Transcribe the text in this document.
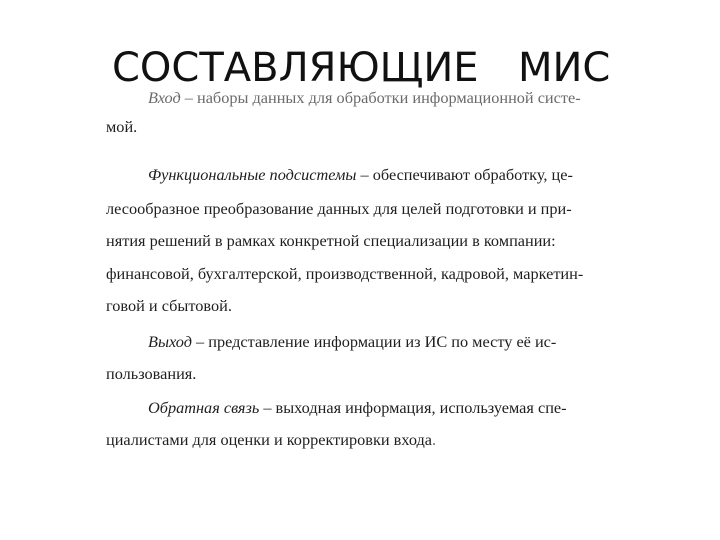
СОСТАВЛЯЮЩИЕ МИС
Вход – наборы данных для обработки информационной систе-
мой.
Функциональные подсистемы – обеспечивают обработку, це-
лесообразное преобразование данных для целей подготовки и при-
нятия решений в рамках конкретной специализации в компании:
финансовой, бухгалтерской, производственной, кадровой, маркетин-
говой и сбытовой.
Выход – представление информации из ИС по месту её ис-
пользования.
Обратная связь – выходная информация, используемая спе-
циалистами для оценки и корректировки входа.
